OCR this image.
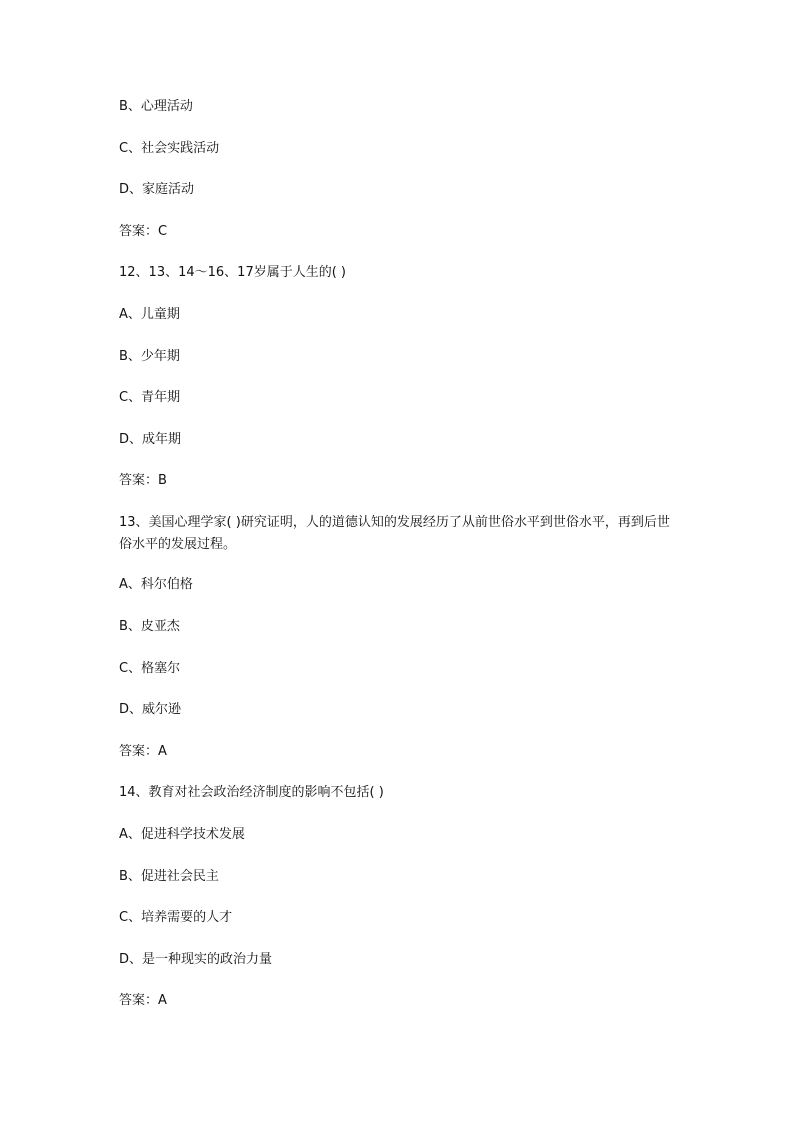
B、心理活动
C、社会实践活动
D、家庭活动
答案：C
12、13、14～16、17岁属于人生的( )
A、儿童期
B、少年期
C、青年期
D、成年期
答案：B
13、美国心理学家( )研究证明，人的道德认知的发展经历了从前世俗水平到世俗水平，再到后世俗水平的发展过程。
A、科尔伯格
B、皮亚杰
C、格塞尔
D、威尔逊
答案：A
14、教育对社会政治经济制度的影响不包括( )
A、促进科学技术发展
B、促进社会民主
C、培养需要的人才
D、是一种现实的政治力量
答案：A
